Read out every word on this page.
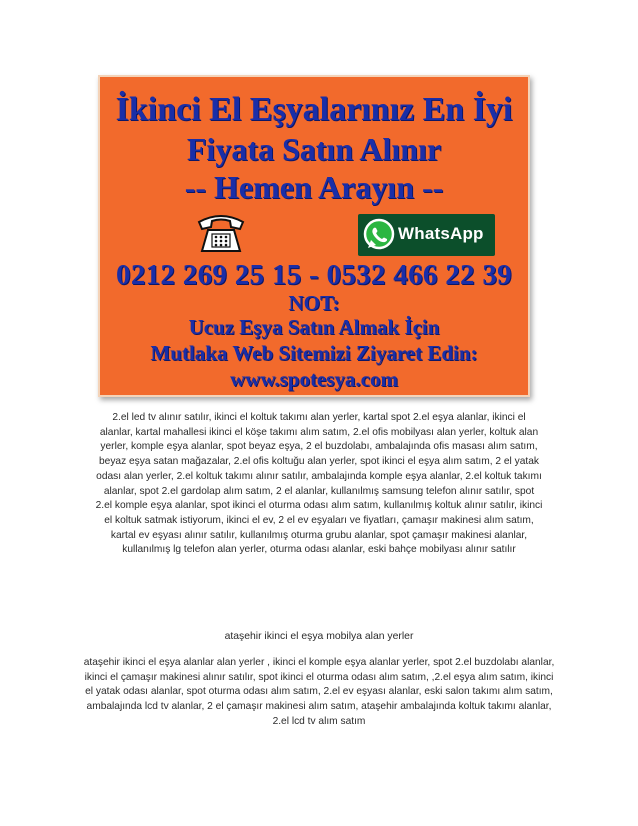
İkinci El Eşyalarınız En İyi
Fiyata Satın Alınır
-- Hemen Arayın --
WhatsApp
0212 269 25 15 - 0532 466 22 39
NOT:
Ucuz Eşya Satın Almak İçin
Mutlaka Web Sitemizi Ziyaret Edin:
www.spotesya.com
2.el led tv alınır satılır, ikinci el koltuk takımı alan yerler, kartal spot 2.el eşya alanlar, ikinci el alanlar, kartal mahallesi ikinci el köşe takımı alım satım, 2.el ofis mobilyası alan yerler, koltuk alan yerler, komple eşya alanlar, spot beyaz eşya, 2 el buzdolabı, ambalajında ofis masası alım satım, beyaz eşya satan mağazalar, 2.el ofis koltuğu alan yerler, spot ikinci el eşya alım satım, 2 el yatak odası alan yerler, 2.el koltuk takımı alınır satılır, ambalajında komple eşya alanlar, 2.el koltuk takımı alanlar, spot 2.el gardolap alım satım, 2 el alanlar, kullanılmış samsung telefon alınır satılır, spot 2.el komple eşya alanlar, spot ikinci el oturma odası alım satım, kullanılmış koltuk alınır satılır, ikinci el koltuk satmak istiyorum, ikinci el ev, 2 el ev eşyaları ve fiyatları, çamaşır makinesi alım satım, kartal ev eşyası alınır satılır, kullanılmış oturma grubu alanlar, spot çamaşır makinesi alanlar, kullanılmış lg telefon alan yerler, oturma odası alanlar, eski bahçe mobilyası alınır satılır
ataşehir ikinci el eşya mobilya alan yerler
ataşehir ikinci el eşya alanlar alan yerler , ikinci el komple eşya alanlar yerler, spot 2.el buzdolabı alanlar, ikinci el çamaşır makinesi alınır satılır, spot ikinci el oturma odası alım satım, ,2.el eşya alım satım, ikinci el yatak odası alanlar, spot oturma odası alım satım, 2.el ev eşyası alanlar, eski salon takımı alım satım, ambalajında lcd tv alanlar, 2 el çamaşır makinesi alım satım, ataşehir ambalajında koltuk takımı alanlar, 2.el lcd tv alım satım
